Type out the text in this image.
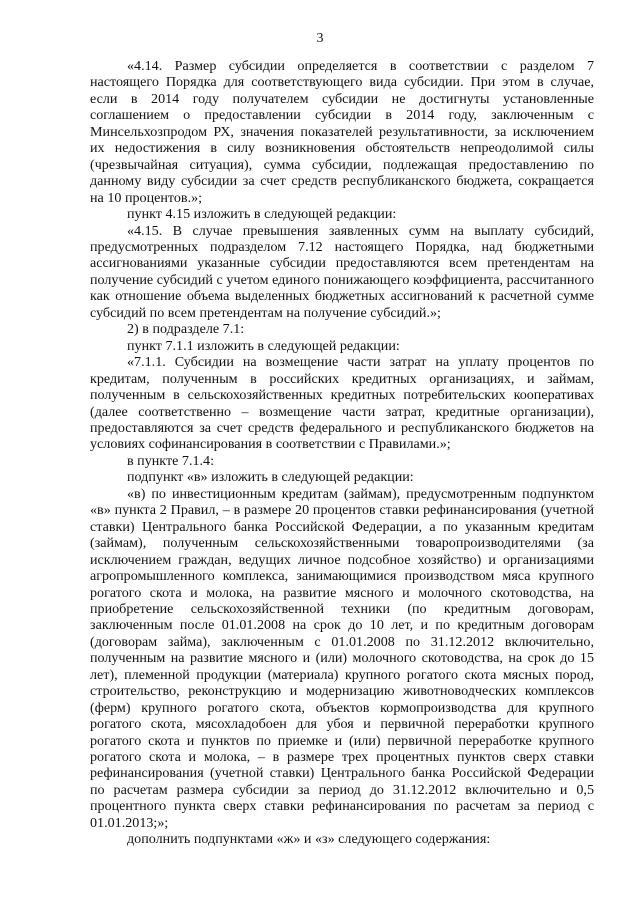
3

«4.14. Размер субсидии определяется в соответствии с разделом 7 настоящего Порядка для соответствующего вида субсидии. При этом в случае, если в 2014 году получателем субсидии не достигнуты установленные соглашением о предоставлении субсидии в 2014 году, заключенным с Минсельхозпродом РХ, значения показателей результативности, за исключением их недостижения в силу возникновения обстоятельств непреодолимой силы (чрезвычайная ситуация), сумма субсидии, подлежащая предоставлению по данному виду субсидии за счет средств республиканского бюджета, сокращается на 10 процентов.»;

пункт 4.15 изложить в следующей редакции:

«4.15. В случае превышения заявленных сумм на выплату субсидий, предусмотренных подразделом 7.12 настоящего Порядка, над бюджетными ассигнованиями указанные субсидии предоставляются всем претендентам на получение субсидий с учетом единого понижающего коэффициента, рассчитанного как отношение объема выделенных бюджетных ассигнований к расчетной сумме субсидий по всем претендентам на получение субсидий.»;

2) в подразделе 7.1:

пункт 7.1.1 изложить в следующей редакции:

«7.1.1. Субсидии на возмещение части затрат на уплату процентов по кредитам, полученным в российских кредитных организациях, и займам, полученным в сельскохозяйственных кредитных потребительских кооперативах (далее соответственно – возмещение части затрат, кредитные организации), предоставляются за счет средств федерального и республиканского бюджетов на условиях софинансирования в соответствии с Правилами.»;

в пункте 7.1.4:

подпункт «в» изложить в следующей редакции:

«в) по инвестиционным кредитам (займам), предусмотренным подпунктом «в» пункта 2 Правил, – в размере 20 процентов ставки рефинансирования (учетной ставки) Центрального банка Российской Федерации, а по указанным кредитам (займам), полученным сельскохозяйственными товаропроизводителями (за исключением граждан, ведущих личное подсобное хозяйство) и организациями агропромышленного комплекса, занимающимися производством мяса крупного рогатого скота и молока, на развитие мясного и молочного скотоводства, на приобретение сельскохозяйственной техники (по кредитным договорам, заключенным после 01.01.2008 на срок до 10 лет, и по кредитным договорам (договорам займа), заключенным с 01.01.2008 по 31.12.2012 включительно, полученным на развитие мясного и (или) молочного скотоводства, на срок до 15 лет), племенной продукции (материала) крупного рогатого скота мясных пород, строительство, реконструкцию и модернизацию животноводческих комплексов (ферм) крупного рогатого скота, объектов кормопроизводства для крупного рогатого скота, мясохладобоен для убоя и первичной переработки крупного рогатого скота и пунктов по приемке и (или) первичной переработке крупного рогатого скота и молока, – в размере трех процентных пунктов сверх ставки рефинансирования (учетной ставки) Центрального банка Российской Федерации по расчетам размера субсидии за период до 31.12.2012 включительно и 0,5 процентного пункта сверх ставки рефинансирования по расчетам за период с 01.01.2013;»;

дополнить подпунктами «ж» и «з» следующего содержания:
